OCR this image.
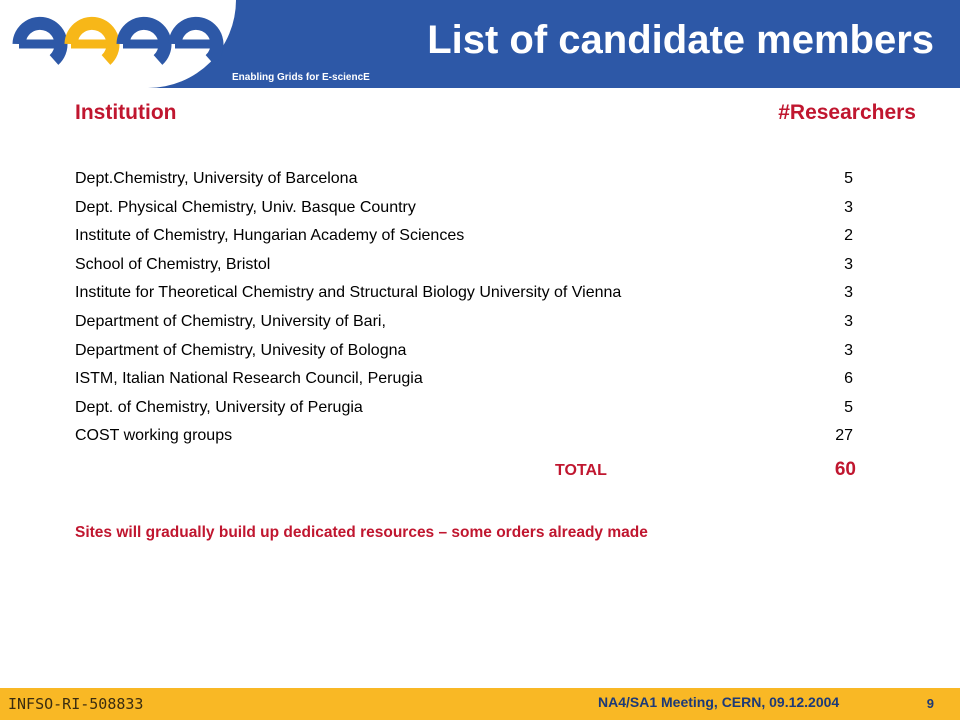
Enabling Grids for E-sciencE
List of candidate members
Institution	#Researchers
Dept.Chemistry, University of Barcelona	5
Dept. Physical Chemistry, Univ. Basque Country	3
Institute of Chemistry, Hungarian Academy of Sciences	2
School of Chemistry, Bristol	3
Institute for Theoretical Chemistry and Structural Biology University of Vienna	3
Department of Chemistry, University of Bari,	3
Department of Chemistry, Univesity of Bologna	3
ISTM, Italian National Research Council, Perugia	6
Dept. of Chemistry, University of Perugia	5
COST working groups	27
TOTAL	60
Sites will gradually build up dedicated resources – some orders already made
INFSO-RI-508833	NA4/SA1 Meeting, CERN, 09.12.2004	9
